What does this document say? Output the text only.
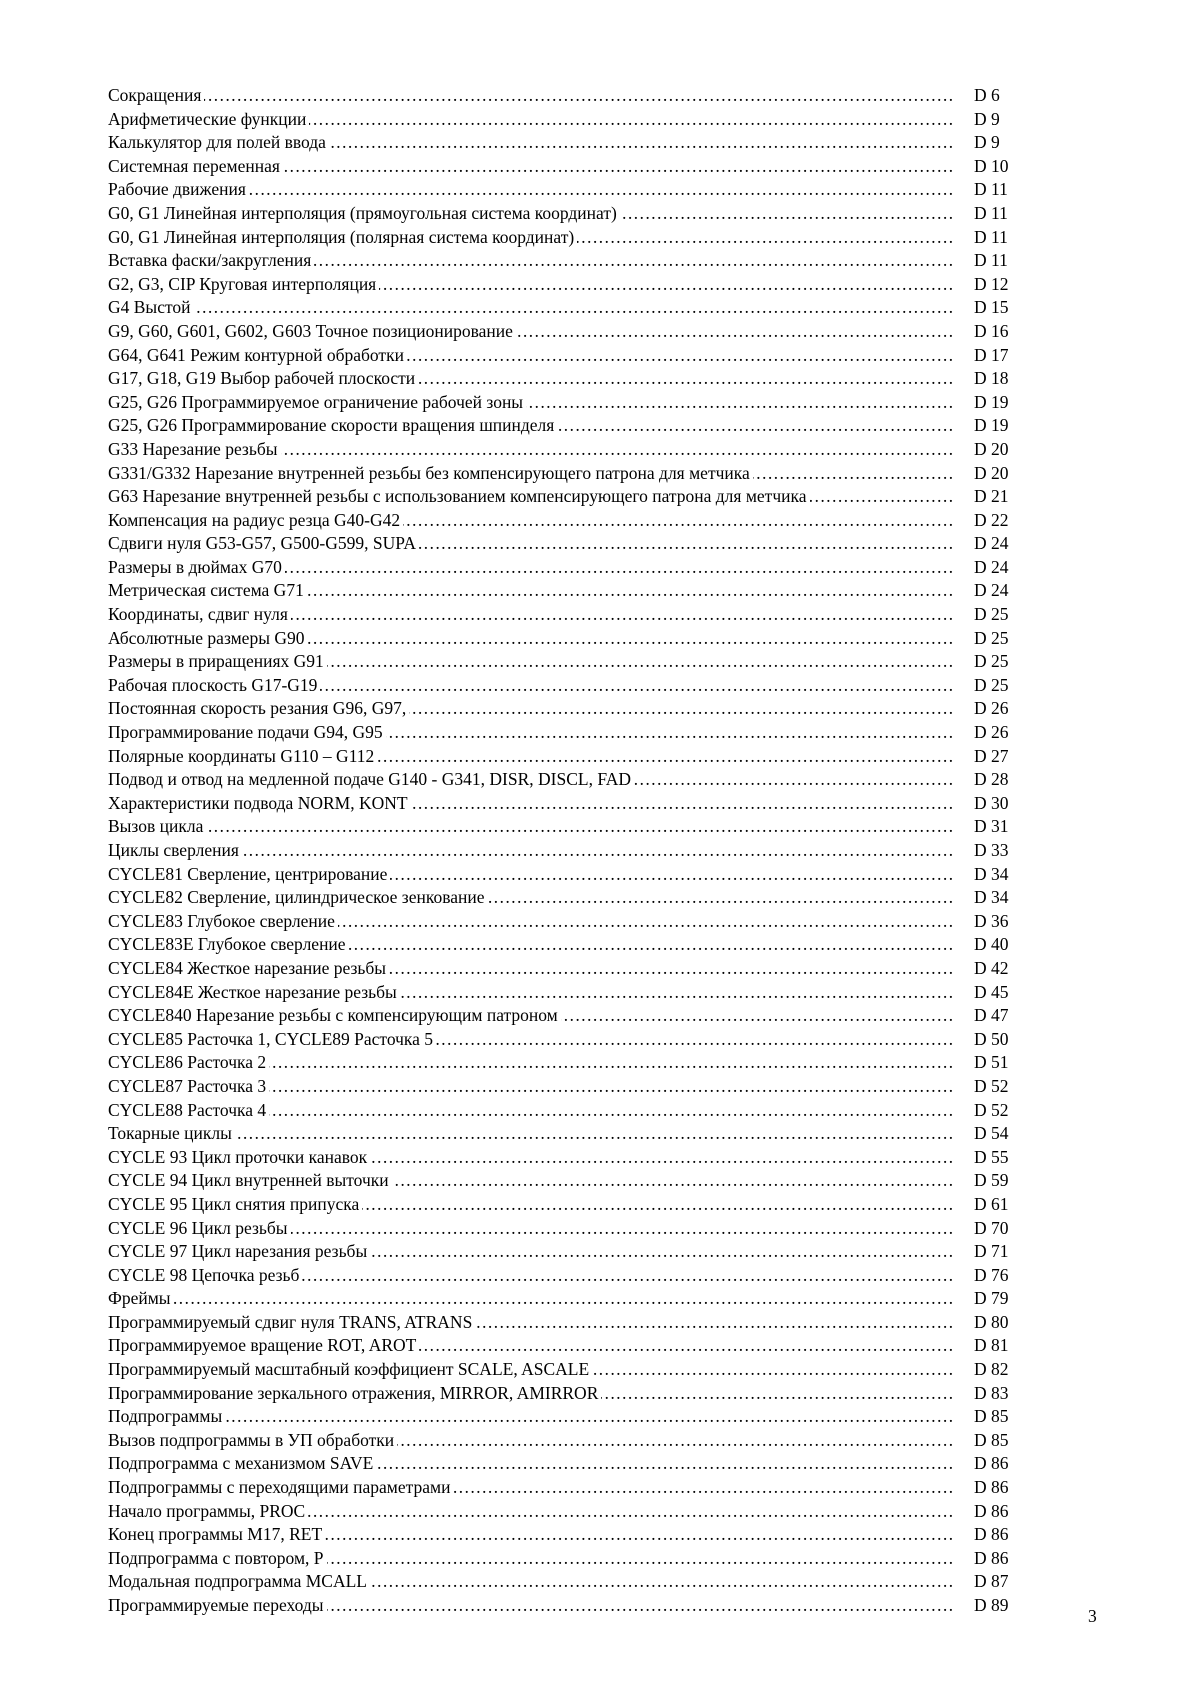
Сокращения ……………………………………………………………………………………………………………………………………………………………………	D 6
Арифметические функции ……………………………………………………………………………………………………………………………………………………………………	D 9
Калькулятор для полей ввода ……………………………………………………………………………………………………………………………………………………………………	D 9
Системная переменная ……………………………………………………………………………………………………………………………………………………………………	D 10
Рабочие движения ……………………………………………………………………………………………………………………………………………………………………	D 11
G0, G1 Линейная интерполяция (прямоугольная система координат) ……………………………………………………………………………………………………………………………………………………………………	D 11
G0, G1 Линейная интерполяция (полярная система координат) ……………………………………………………………………………………………………………………………………………………………………	D 11
Вставка фаски/закругления ……………………………………………………………………………………………………………………………………………………………………	D 11
G2, G3, CIP Круговая интерполяция ……………………………………………………………………………………………………………………………………………………………………	D 12
G4 Выстой ……………………………………………………………………………………………………………………………………………………………………	D 15
G9, G60, G601, G602, G603 Точное позиционирование ……………………………………………………………………………………………………………………………………………………………………	D 16
G64, G641 Режим контурной обработки ……………………………………………………………………………………………………………………………………………………………………	D 17
G17, G18, G19 Выбор рабочей плоскости ……………………………………………………………………………………………………………………………………………………………………	D 18
G25, G26 Программируемое ограничение рабочей зоны ……………………………………………………………………………………………………………………………………………………………………	D 19
G25, G26 Программирование скорости вращения шпинделя ……………………………………………………………………………………………………………………………………………………………………	D 19
G33 Нарезание резьбы ……………………………………………………………………………………………………………………………………………………………………	D 20
G331/G332 Нарезание внутренней резьбы без компенсирующего патрона для метчика ……………………………………………………………………………………………………………………………………………………………………	D 20
G63 Нарезание внутренней резьбы с использованием компенсирующего патрона для метчика ……………………………………………………………………………………………………………………………………………………………………	D 21
Компенсация на радиус резца G40-G42 ……………………………………………………………………………………………………………………………………………………………………	D 22
Сдвиги нуля G53-G57, G500-G599, SUPA ……………………………………………………………………………………………………………………………………………………………………	D 24
Размеры в дюймах G70 ……………………………………………………………………………………………………………………………………………………………………	D 24
Метрическая система G71 ……………………………………………………………………………………………………………………………………………………………………	D 24
Координаты, сдвиг нуля ……………………………………………………………………………………………………………………………………………………………………	D 25
Абсолютные размеры G90 ……………………………………………………………………………………………………………………………………………………………………	D 25
Размеры в приращениях G91 ……………………………………………………………………………………………………………………………………………………………………	D 25
Рабочая плоскость G17-G19 ……………………………………………………………………………………………………………………………………………………………………	D 25
Постоянная скорость резания G96, G97, ……………………………………………………………………………………………………………………………………………………………………	D 26
Программирование подачи G94, G95 ……………………………………………………………………………………………………………………………………………………………………	D 26
Полярные координаты G110 – G112 ……………………………………………………………………………………………………………………………………………………………………	D 27
Подвод и отвод на медленной подаче G140 - G341, DISR, DISCL, FAD ……………………………………………………………………………………………………………………………………………………………………	D 28
Характеристики подвода NORM, KONT ……………………………………………………………………………………………………………………………………………………………………	D 30
Вызов цикла ……………………………………………………………………………………………………………………………………………………………………	D 31
Циклы сверления ……………………………………………………………………………………………………………………………………………………………………	D 33
CYCLE81 Сверление, центрирование ……………………………………………………………………………………………………………………………………………………………………	D 34
CYCLE82 Сверление, цилиндрическое зенкование ……………………………………………………………………………………………………………………………………………………………………	D 34
CYCLE83 Глубокое сверление ……………………………………………………………………………………………………………………………………………………………………	D 36
CYCLE83E Глубокое сверление ……………………………………………………………………………………………………………………………………………………………………	D 40
CYCLE84 Жесткое нарезание резьбы ……………………………………………………………………………………………………………………………………………………………………	D 42
CYCLE84E Жесткое нарезание резьбы ……………………………………………………………………………………………………………………………………………………………………	D 45
CYCLE840 Нарезание резьбы с компенсирующим патроном ……………………………………………………………………………………………………………………………………………………………………	D 47
CYCLE85 Расточка 1, CYCLE89 Расточка 5 ……………………………………………………………………………………………………………………………………………………………………	D 50
CYCLE86 Расточка 2 ……………………………………………………………………………………………………………………………………………………………………	D 51
CYCLE87 Расточка 3 ……………………………………………………………………………………………………………………………………………………………………	D 52
CYCLE88 Расточка 4 ……………………………………………………………………………………………………………………………………………………………………	D 52
Токарные циклы ……………………………………………………………………………………………………………………………………………………………………	D 54
CYCLE 93 Цикл проточки канавок ……………………………………………………………………………………………………………………………………………………………………	D 55
CYCLE 94 Цикл внутренней выточки ……………………………………………………………………………………………………………………………………………………………………	D 59
CYCLE 95 Цикл снятия припуска ……………………………………………………………………………………………………………………………………………………………………	D 61
CYCLE 96 Цикл резьбы ……………………………………………………………………………………………………………………………………………………………………	D 70
CYCLE 97 Цикл нарезания резьбы ……………………………………………………………………………………………………………………………………………………………………	D 71
CYCLE 98 Цепочка резьб ……………………………………………………………………………………………………………………………………………………………………	D 76
Фреймы ……………………………………………………………………………………………………………………………………………………………………	D 79
Программируемый сдвиг нуля TRANS, ATRANS ……………………………………………………………………………………………………………………………………………………………………	D 80
Программируемое вращение ROT, AROT ……………………………………………………………………………………………………………………………………………………………………	D 81
Программируемый масштабный коэффициент SCALE, ASCALE ……………………………………………………………………………………………………………………………………………………………………	D 82
Программирование зеркального отражения, MIRROR, AMIRROR ……………………………………………………………………………………………………………………………………………………………………	D 83
Подпрограммы ……………………………………………………………………………………………………………………………………………………………………	D 85
Вызов подпрограммы в УП обработки ……………………………………………………………………………………………………………………………………………………………………	D 85
Подпрограмма с механизмом SAVE ……………………………………………………………………………………………………………………………………………………………………	D 86
Подпрограммы с переходящими параметрами ……………………………………………………………………………………………………………………………………………………………………	D 86
Начало программы, PROC ……………………………………………………………………………………………………………………………………………………………………	D 86
Конец программы M17, RET ……………………………………………………………………………………………………………………………………………………………………	D 86
Подпрограмма с повтором, P ……………………………………………………………………………………………………………………………………………………………………	D 86
Модальная подпрограмма MCALL ……………………………………………………………………………………………………………………………………………………………………	D 87
Программируемые переходы ……………………………………………………………………………………………………………………………………………………………………	D 89
3
